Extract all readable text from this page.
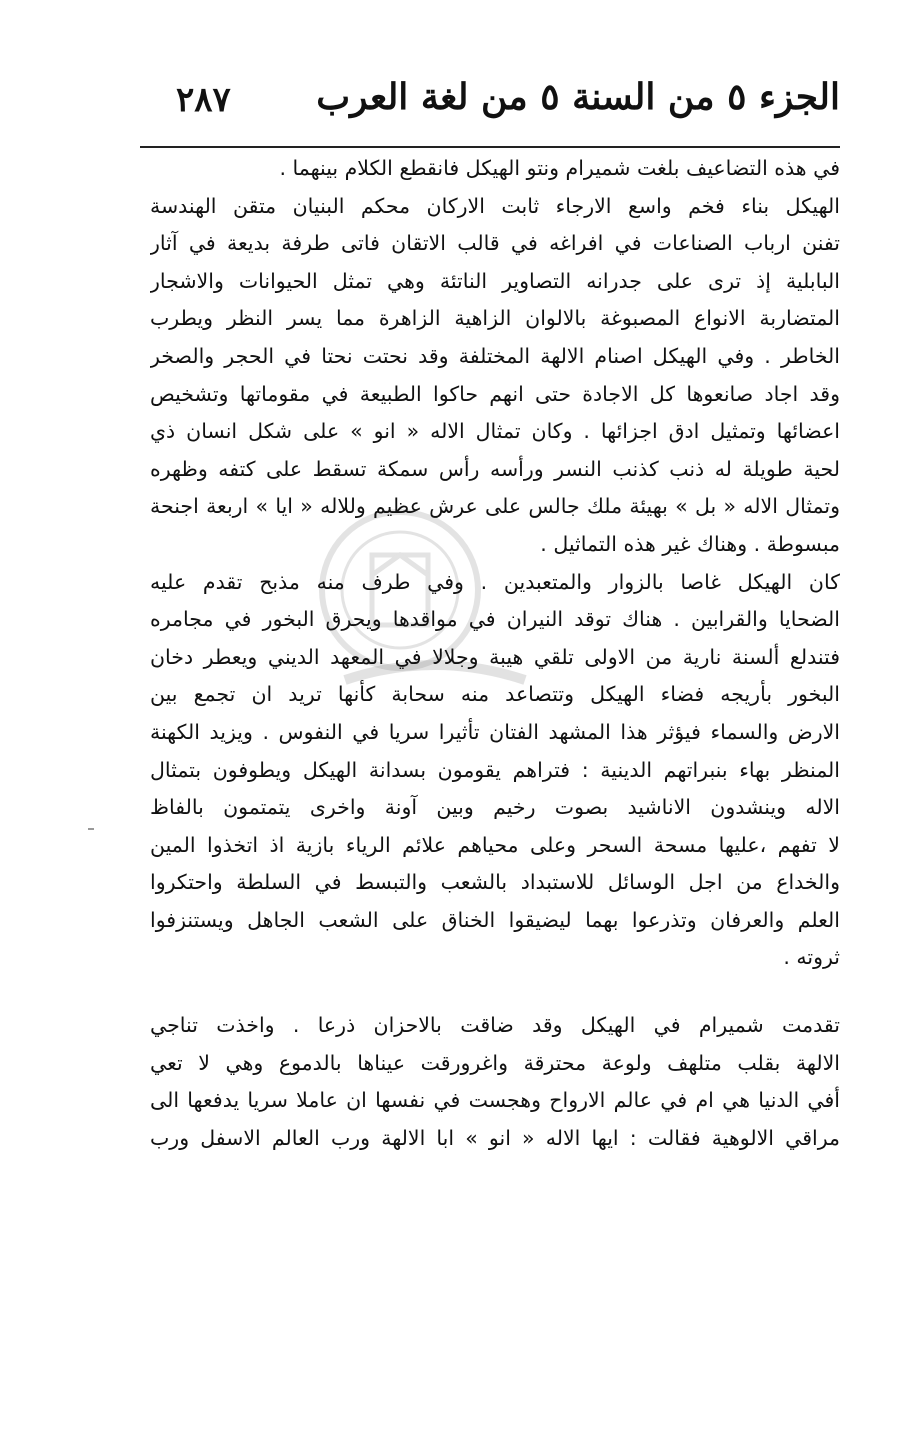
الجزء ٥ من السنة ٥ من لغة العرب
٢٨٧
في هذه التضاعيف بلغت شميرام ونتو الهيكل فانقطع الكلام بينهما .
الهيكل بناء فخم واسع الارجاء ثابت الاركان محكم البنيان متقن الهندسة
تفنن ارباب الصناعات في افراغه في قالب الاتقان فاتى طرفة بديعة في آثار
البابلية إذ ترى على جدرانه التصاوير الناتئة وهي تمثل الحيوانات والاشجار
المتضاربة الانواع المصبوغة بالالوان الزاهية الزاهرة مما يسر النظر ويطرب
الخاطر . وفي الهيكل اصنام الالهة المختلفة وقد نحتت نحتا في الحجر والصخر
وقد اجاد صانعوها كل الاجادة حتى انهم حاكوا الطبيعة في مقوماتها وتشخيص
اعضائها وتمثيل ادق اجزائها . وكان تمثال الاله « انو » على شكل انسان ذي
لحية طويلة له ذنب كذنب النسر ورأسه رأس سمكة تسقط على كتفه وظهره
وتمثال الاله « بل » بهيئة ملك جالس على عرش عظيم وللاله « ايا » اربعة اجنحة
مبسوطة . وهناك غير هذه التماثيل .
كان الهيكل غاصا بالزوار والمتعبدين . وفي طرف منه مذبح تقدم عليه
الضحايا والقرابين . هناك توقد النيران في مواقدها ويحرق البخور في مجامره
فتندلع ألسنة نارية من الاولى تلقي هيبة وجلالا في المعهد الديني ويعطر دخان
البخور بأريجه فضاء الهيكل وتتصاعد منه سحابة كأنها تريد ان تجمع بين
الارض والسماء فيؤثر هذا المشهد الفتان تأثيرا سريا في النفوس . ويزيد الكهنة
المنظر بهاء بنبراتهم الدينية : فتراهم يقومون بسدانة الهيكل ويطوفون بتمثال
الاله وينشدون الاناشيد بصوت رخيم وبين آونة واخرى يتمتمون بالفاظ
لا تفهم ،عليها مسحة السحر وعلى محياهم علائم الرياء بازية اذ اتخذوا المين
والخداع من اجل الوسائل للاستبداد بالشعب والتبسط في السلطة واحتكروا
العلم والعرفان وتذرعوا بهما ليضيقوا الخناق على الشعب الجاهل ويستنزفوا
ثروته .
تقدمت شميرام في الهيكل وقد ضاقت بالاحزان ذرعا . واخذت تناجي
الالهة بقلب متلهف ولوعة محترقة واغرورقت عيناها بالدموع وهي لا تعي
أفي الدنيا هي ام في عالم الارواح وهجست في نفسها ان عاملا سريا يدفعها الى
مراقي الالوهية فقالت : ايها الاله « انو » ابا الالهة ورب العالم الاسفل ورب
